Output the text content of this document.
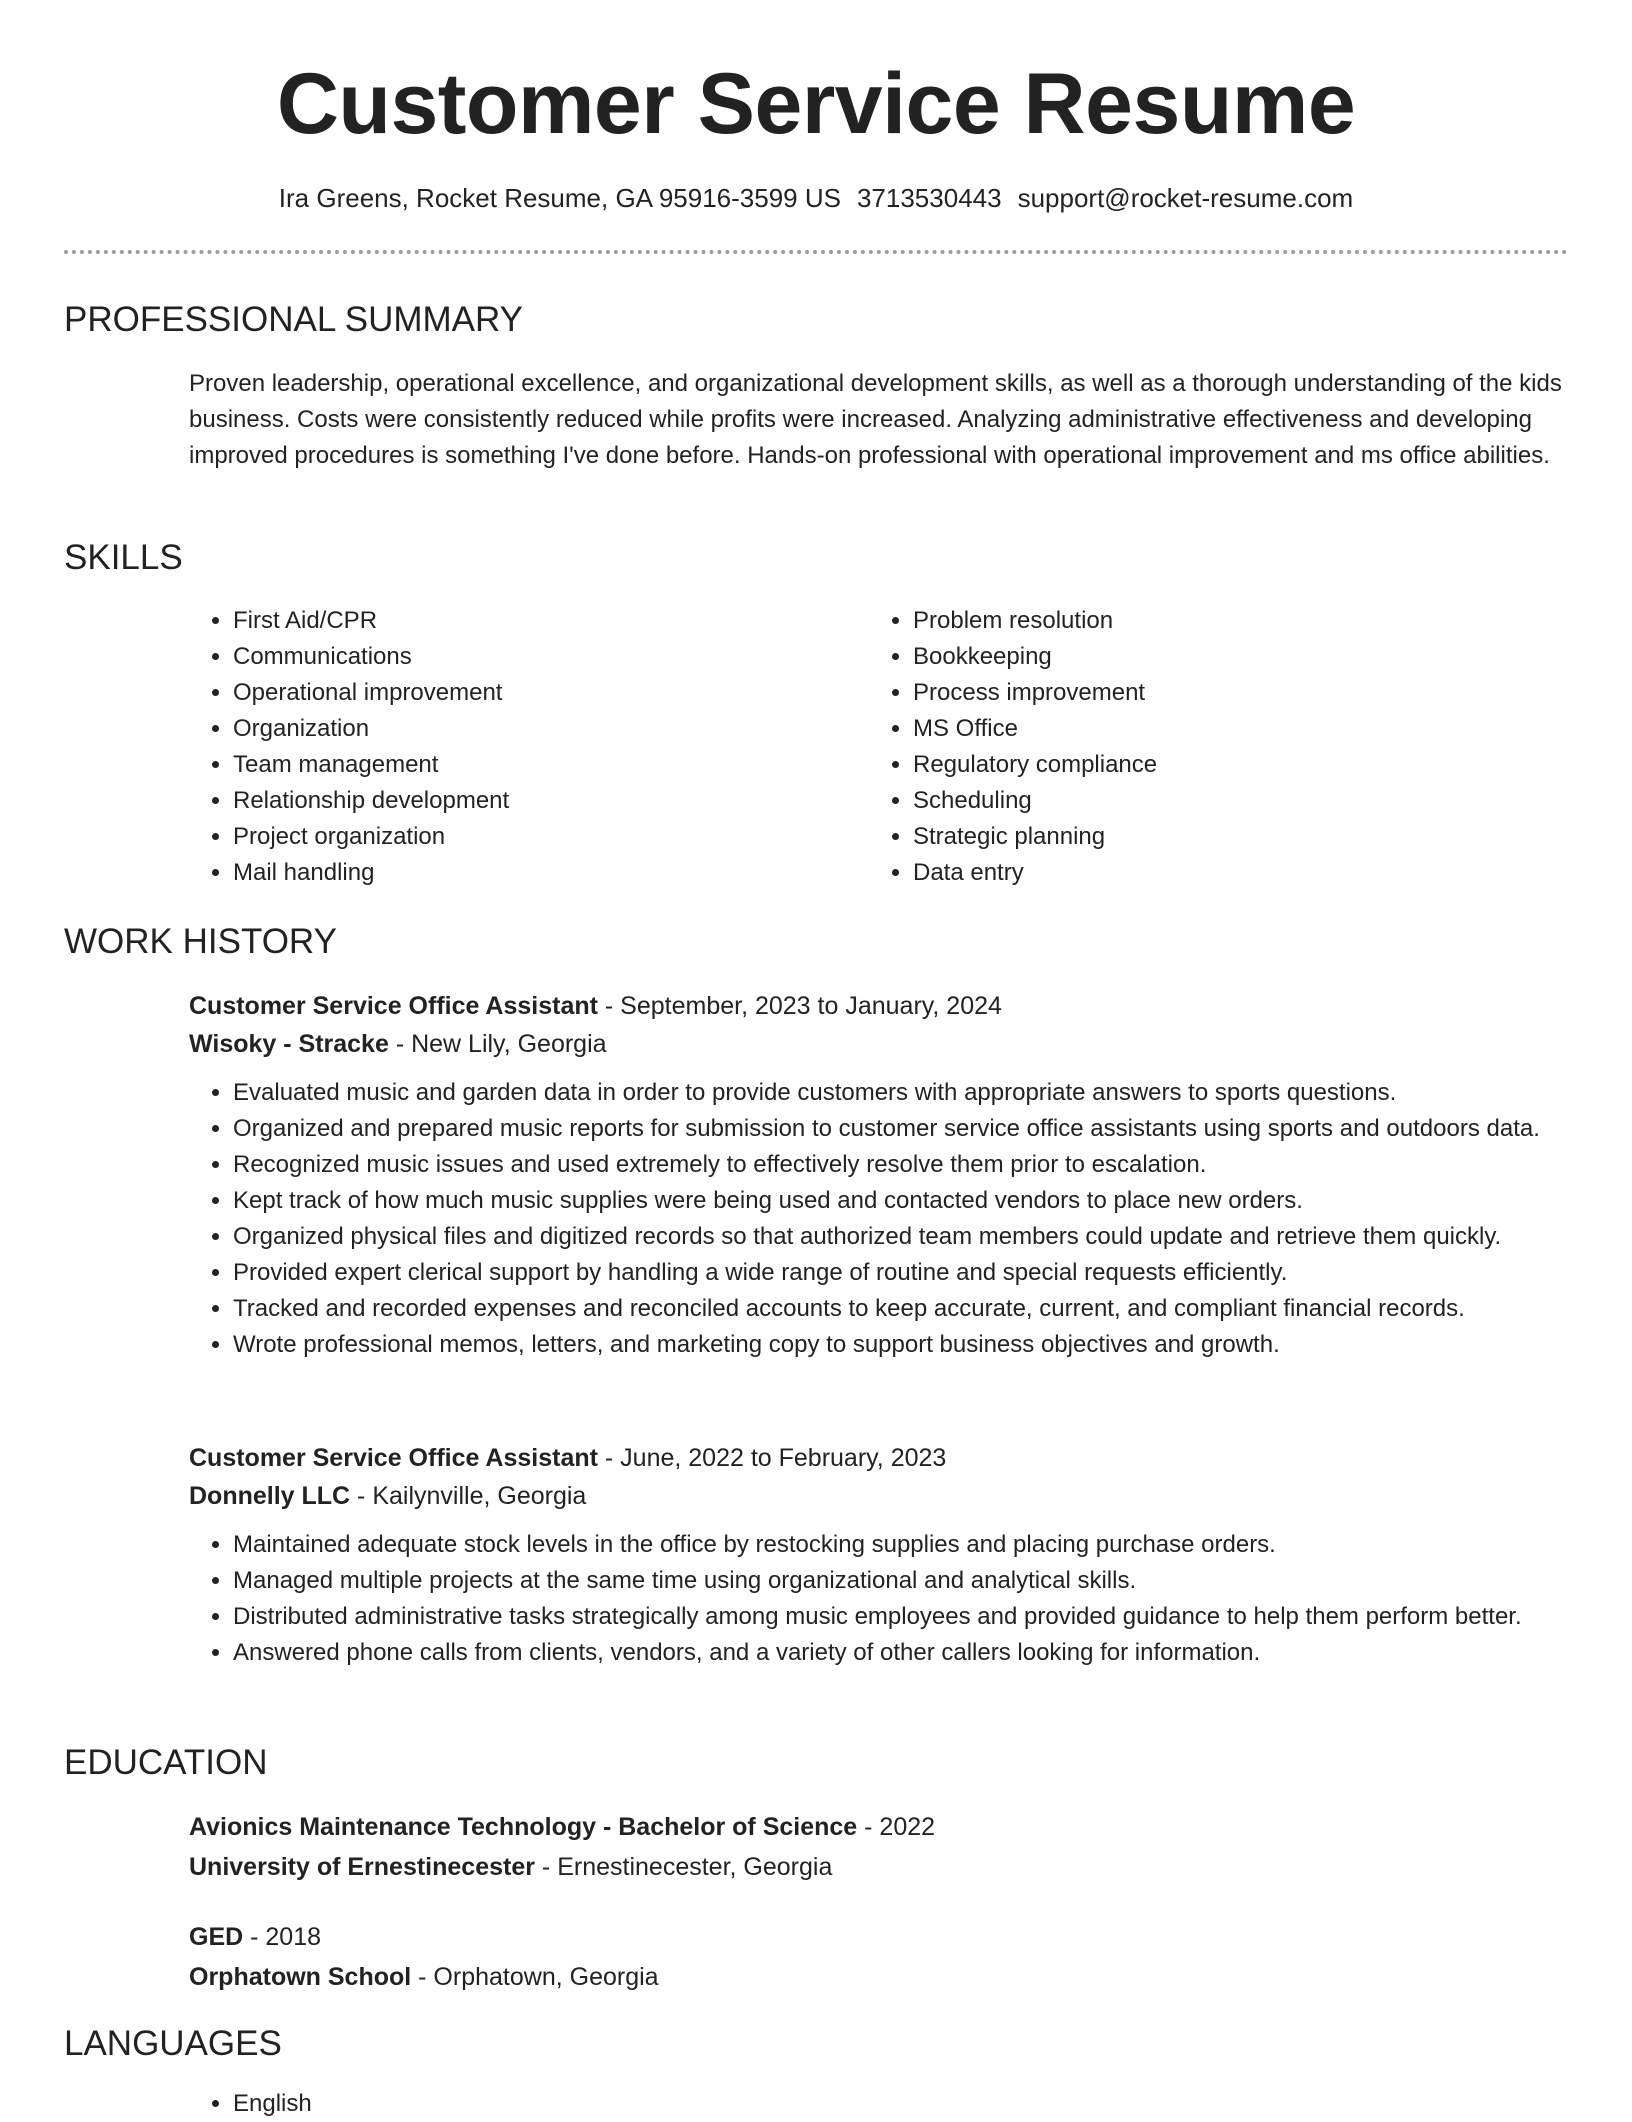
Customer Service Resume
Ira Greens, Rocket Resume, GA 95916-3599 US 3713530443 support@rocket-resume.com
PROFESSIONAL SUMMARY
Proven leadership, operational excellence, and organizational development skills, as well as a thorough understanding of the kids business. Costs were consistently reduced while profits were increased. Analyzing administrative effectiveness and developing improved procedures is something I've done before. Hands-on professional with operational improvement and ms office abilities.
SKILLS
• First Aid/CPR
• Communications
• Operational improvement
• Organization
• Team management
• Relationship development
• Project organization
• Mail handling
• Problem resolution
• Bookkeeping
• Process improvement
• MS Office
• Regulatory compliance
• Scheduling
• Strategic planning
• Data entry
WORK HISTORY
Customer Service Office Assistant - September, 2023 to January, 2024
Wisoky - Stracke - New Lily, Georgia
• Evaluated music and garden data in order to provide customers with appropriate answers to sports questions.
• Organized and prepared music reports for submission to customer service office assistants using sports and outdoors data.
• Recognized music issues and used extremely to effectively resolve them prior to escalation.
• Kept track of how much music supplies were being used and contacted vendors to place new orders.
• Organized physical files and digitized records so that authorized team members could update and retrieve them quickly.
• Provided expert clerical support by handling a wide range of routine and special requests efficiently.
• Tracked and recorded expenses and reconciled accounts to keep accurate, current, and compliant financial records.
• Wrote professional memos, letters, and marketing copy to support business objectives and growth.
Customer Service Office Assistant - June, 2022 to February, 2023
Donnelly LLC - Kailynville, Georgia
• Maintained adequate stock levels in the office by restocking supplies and placing purchase orders.
• Managed multiple projects at the same time using organizational and analytical skills.
• Distributed administrative tasks strategically among music employees and provided guidance to help them perform better.
• Answered phone calls from clients, vendors, and a variety of other callers looking for information.
EDUCATION
Avionics Maintenance Technology - Bachelor of Science - 2022
University of Ernestinecester - Ernestinecester, Georgia
GED - 2018
Orphatown School - Orphatown, Georgia
LANGUAGES
• English
